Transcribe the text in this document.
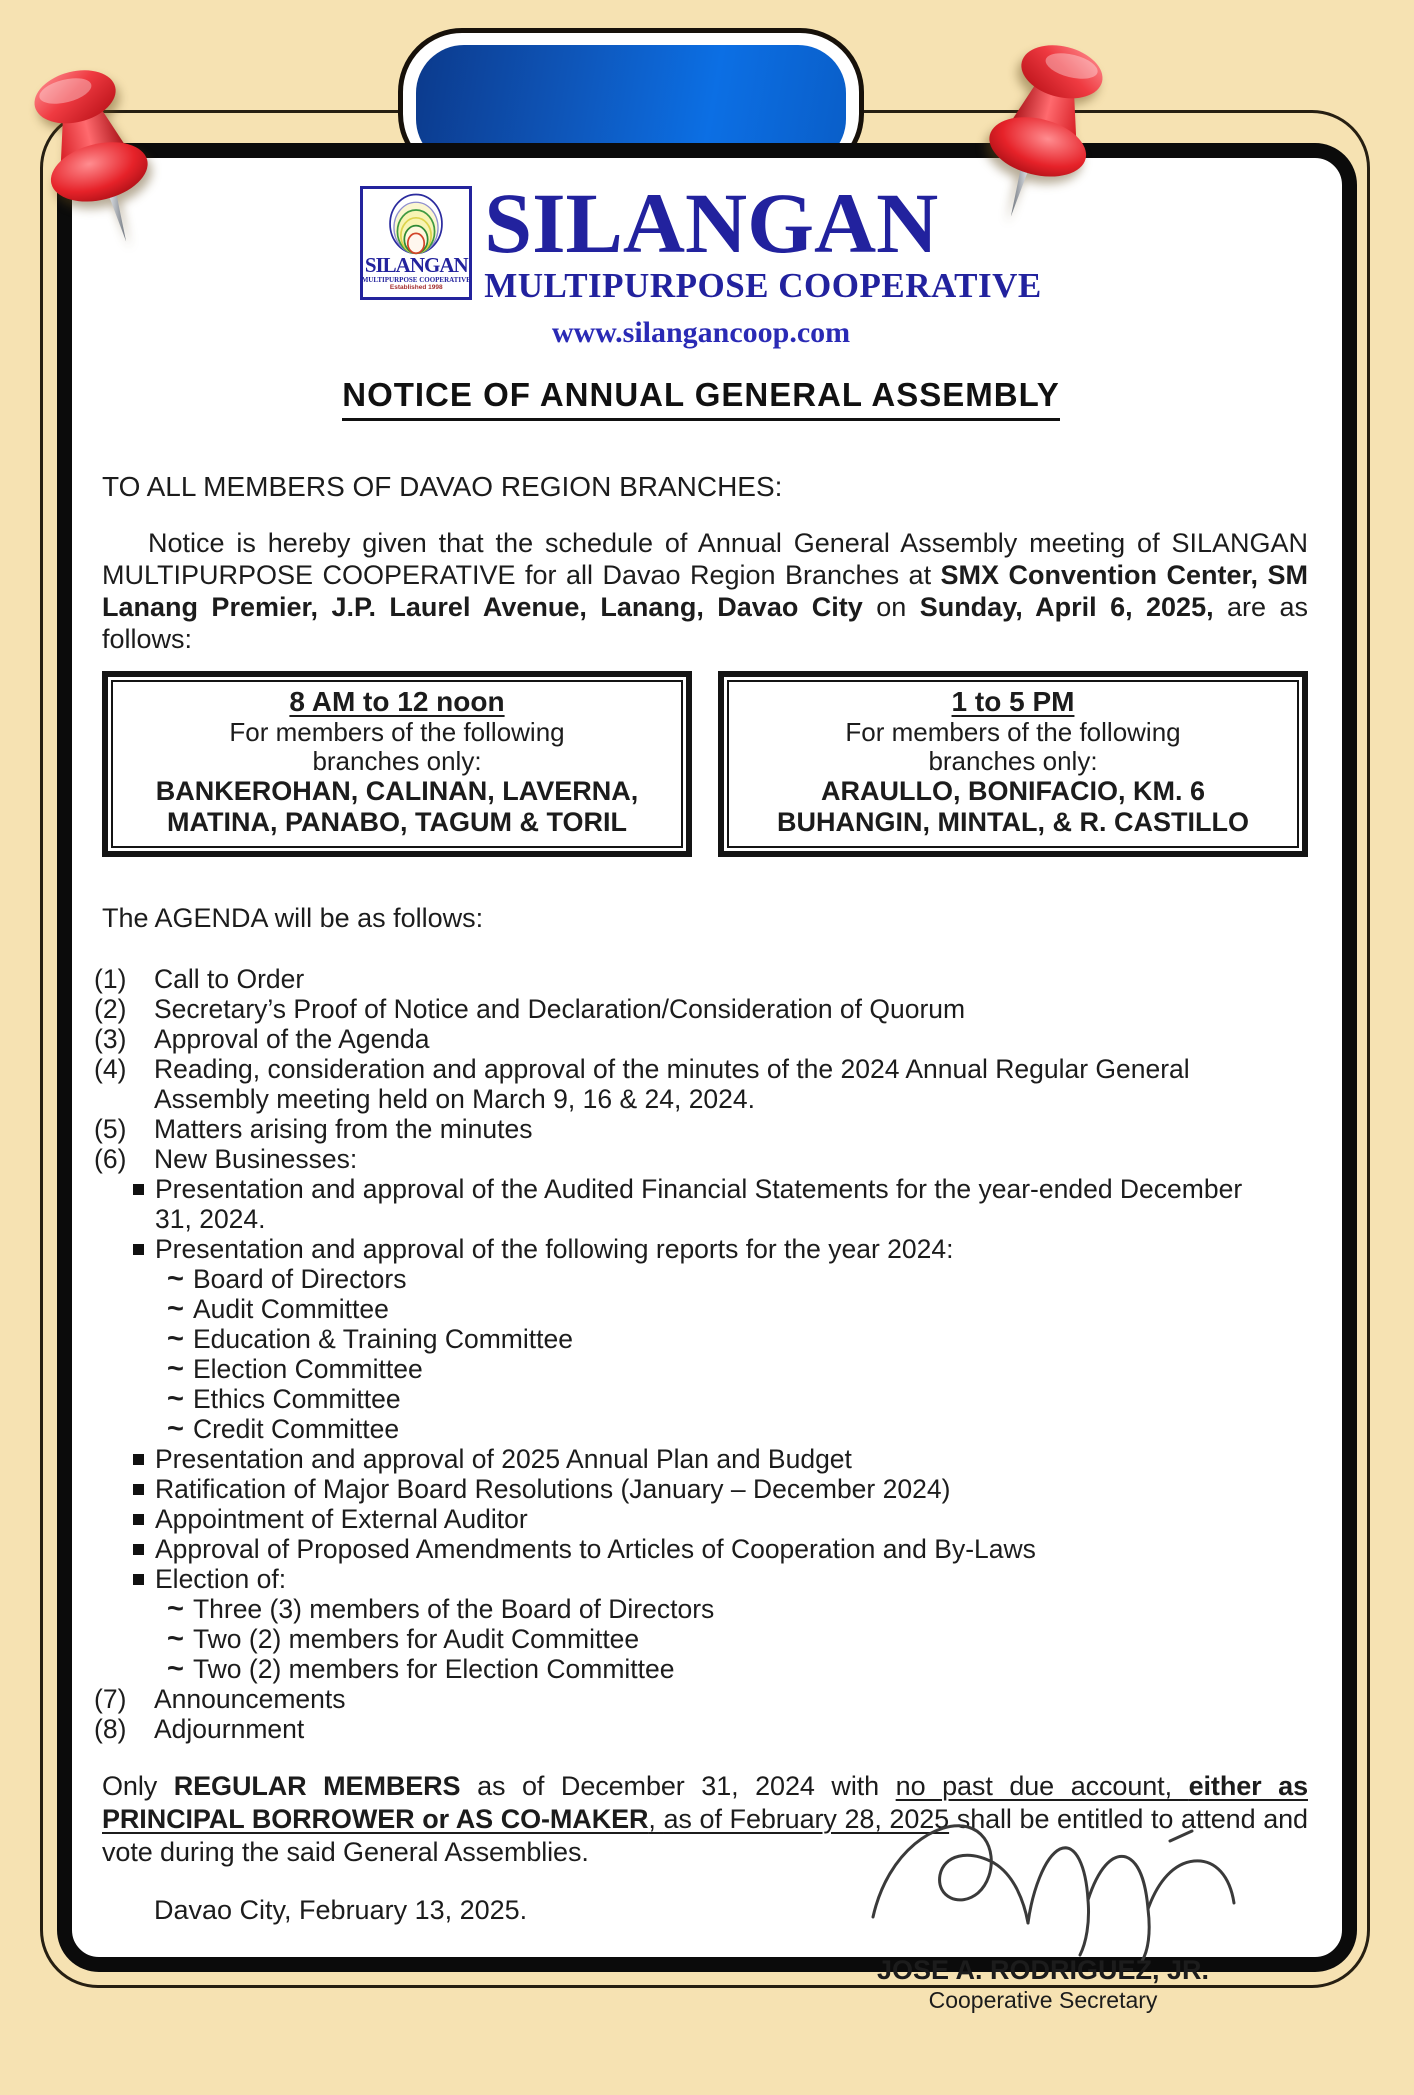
SILANGAN
MULTIPURPOSE COOPERATIVE
Established 1998
SILANGAN
MULTIPURPOSE COOPERATIVE
www.silangancoop.com
NOTICE OF ANNUAL GENERAL ASSEMBLY
TO ALL MEMBERS OF DAVAO REGION BRANCHES:

Notice is hereby given that the schedule of Annual General Assembly meeting of SILANGAN MULTIPURPOSE COOPERATIVE for all Davao Region Branches at SMX Convention Center, SM Lanang Premier, J.P. Laurel Avenue, Lanang, Davao City on Sunday, April 6, 2025, are as follows:

8 AM to 12 noon
For members of the following
branches only:
BANKEROHAN, CALINAN, LAVERNA,
MATINA, PANABO, TAGUM & TORIL
1 to 5 PM
For members of the following
branches only:
ARAULLO, BONIFACIO, KM. 6
BUHANGIN, MINTAL, & R. CASTILLO
The AGENDA will be as follows:
(1)	Call to Order
(2)	Secretary’s Proof of Notice and Declaration/Consideration of Quorum
(3)	Approval of the Agenda
(4)	Reading, consideration and approval of the minutes of the 2024 Annual Regular General Assembly meeting held on March 9, 16 & 24, 2024.
(5)	Matters arising from the minutes
(6)	New Businesses:
Presentation and approval of the Audited Financial Statements for the year-ended December 31, 2024.
Presentation and approval of the following reports for the year 2024:
~ Board of Directors
~ Audit Committee
~ Education & Training Committee
~ Election Committee
~ Ethics Committee
~ Credit Committee
Presentation and approval of 2025 Annual Plan and Budget
Ratification of Major Board Resolutions (January – December 2024)
Appointment of External Auditor
Approval of Proposed Amendments to Articles of Cooperation and By-Laws
Election of:
~ Three (3) members of the Board of Directors
~ Two (2) members for Audit Committee
~ Two (2) members for Election Committee
(7)	Announcements
(8)	Adjournment

Only REGULAR MEMBERS as of December 31, 2024 with no past due account, either as PRINCIPAL BORROWER or AS CO-MAKER, as of February 28, 2025 shall be entitled to attend and vote during the said General Assemblies.

Davao City, February 13, 2025.
JOSE A. RODRIGUEZ, JR.
Cooperative Secretary
